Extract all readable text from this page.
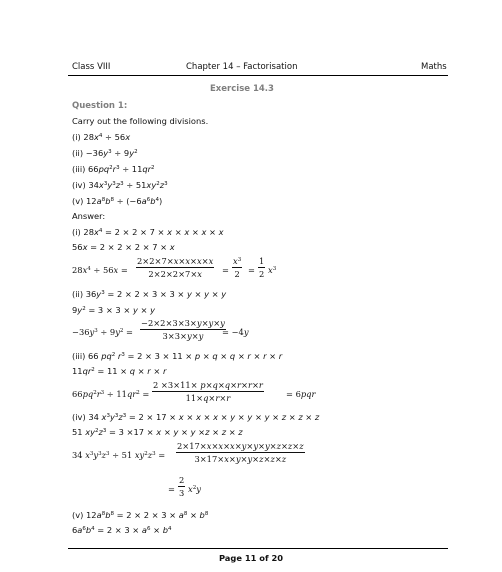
Class VIII	Chapter 14 – Factorisation	Maths
Exercise 14.3
Question 1:
Carry out the following divisions.
(i) $28x^4 \div 56x$
$(ii) -36y^3 \div 9y^2$
(iii) $66pq^2r^3 \div 11qr^2$
(iv) $34x^3y^3z^3 \div 51xy^2z^3$
(v) $12a^8b^8 \div (-6a^6b^4)$
Answer:
(i) $28x^4 = 2 \times 2 \times 7 \times x \times x \times x \times x$
56x = 2 × 2 × 2 × 7 × x
$28x^4 \div 56x = \frac{2\times 2\times 7\times x\times x\times x\times x}{2\times 2\times 2\times 7\times x} = \frac{x^3}{2} = \frac{1}{2} x^3$
(ii) $36y^3 = 2 \times 2 \times 3 \times 3 \times y \times y \times y$
$9y^2 = 3 \times 3 \times y \times y$
$-36y^3 \div 9y^2 = \frac{-2\times 2\times 3\times 3\times y\times y\times y}{3\times 3\times y\times y}$
= −4y
(iii) 66 $pq^2$ $r^3 = 2 \times 3 \times 11 \times p \times q \times q \times r \times r \times r$
$11qr^2 = 11 \times q \times r \times r$
$66pq^2r^3 \div 11qr^2 = \frac{2 \times 3\times 11\times p\times q\times q\times r\times r\times r}{11\times q\times r\times r}$	= 6pqr
(iv) 34 $x^3y^3z^3 = 2 \times 17 \times x \times x \times x \times y \times y \times y \times z \times z \times z$
51 $xy^2z^3 = 3 \times 17 \times x \times y \times y \times z \times z \times z$
34 $x^3y^3z^3 \div 51$ $xy^2z^3 = \frac{2\times 17\times x\times x\times x\times y\times y\times y\times z\times z\times z}{3\times 17\times x\times y\times y\times z\times z\times z}$
= $\frac{2}{3} x^2y$
(v) $12a^8b^8 = 2 \times 2 \times 3 \times a^8 \times b^8$
$6a^6b^4 = 2 \times 3 \times a^6 \times b^4$
Page 11 of 20
